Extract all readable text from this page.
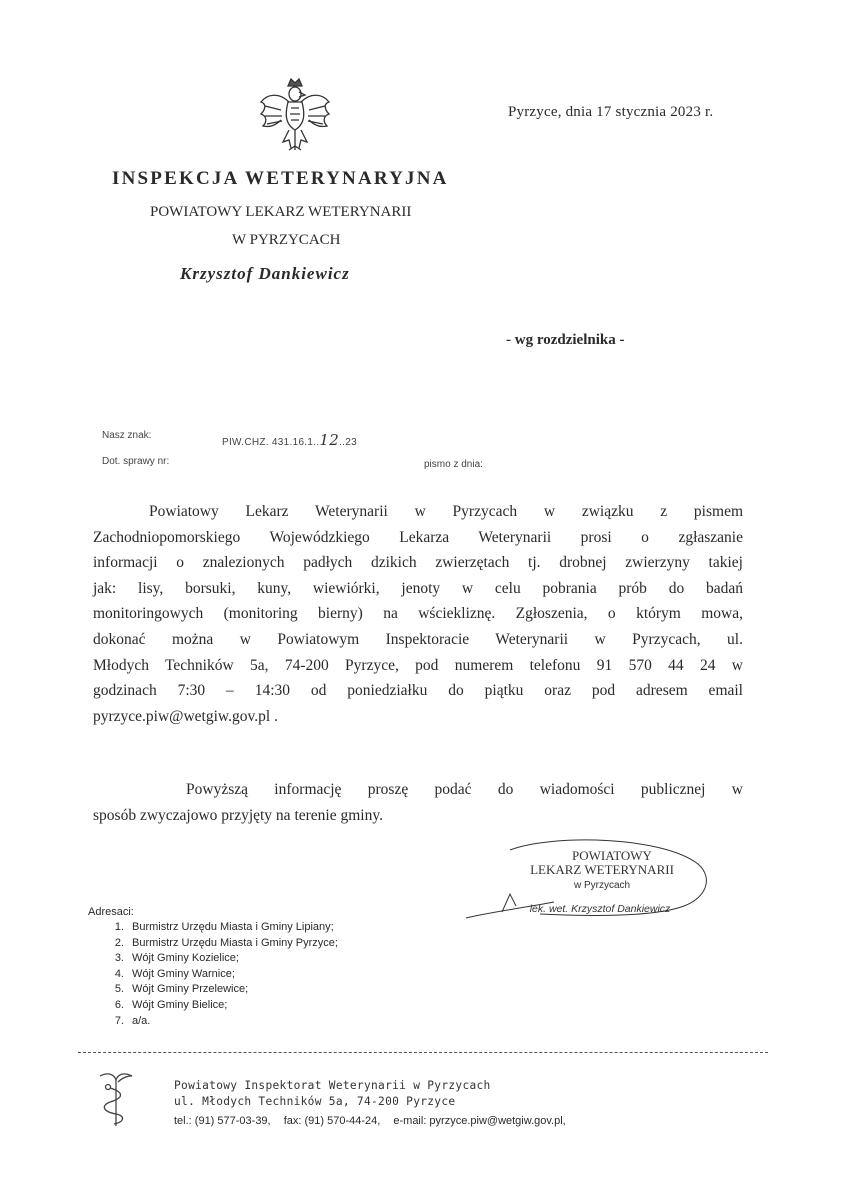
Pyrzyce, dnia 17 stycznia 2023 r.
INSPEKCJA WETERYNARYJNA
POWIATOWY LEKARZ WETERYNARII
W PYRZYCACH
Krzysztof Dankiewicz
- wg rozdzielnika -
Nasz znak:
PIW.CHZ. 431.16.1..12..23
Dot. sprawy nr:	pismo z dnia:
Powiatowy Lekarz Weterynarii w Pyrzycach w związku z pismem
Zachodniopomorskiego Wojewódzkiego Lekarza Weterynarii prosi o zgłaszanie
informacji o znalezionych padłych dzikich zwierzętach tj. drobnej zwierzyny takiej
jak: lisy, borsuki, kuny, wiewiórki, jenoty w celu pobrania prób do badań
monitoringowych (monitoring bierny) na wściekliznę. Zgłoszenia, o którym mowa,
dokonać można w Powiatowym Inspektoracie Weterynarii w Pyrzycach, ul.
Młodych Techników 5a, 74-200 Pyrzyce, pod numerem telefonu 91 570 44 24 w
godzinach 7:30 – 14:30 od poniedziałku do piątku oraz pod adresem email
pyrzyce.piw@wetgiw.gov.pl .
Powyższą informację proszę podać do wiadomości publicznej w
sposób zwyczajowo przyjęty na terenie gminy.
POWIATOWY
LEKARZ WETERYNARII
w Pyrzycach
lek. wet. Krzysztof Dankiewicz
Adresaci:
1. Burmistrz Urzędu Miasta i Gminy Lipiany;
2. Burmistrz Urzędu Miasta i Gminy Pyrzyce;
3. Wójt Gminy Kozielice;
4. Wójt Gminy Warnice;
5. Wójt Gminy Przelewice;
6. Wójt Gminy Bielice;
7. a/a.
Powiatowy Inspektorat Weterynarii w Pyrzycach
ul. Młodych Techników 5a, 74-200 Pyrzyce
tel.: (91) 577-03-39, fax: (91) 570-44-24, e-mail: pyrzyce.piw@wetgiw.gov.pl,
